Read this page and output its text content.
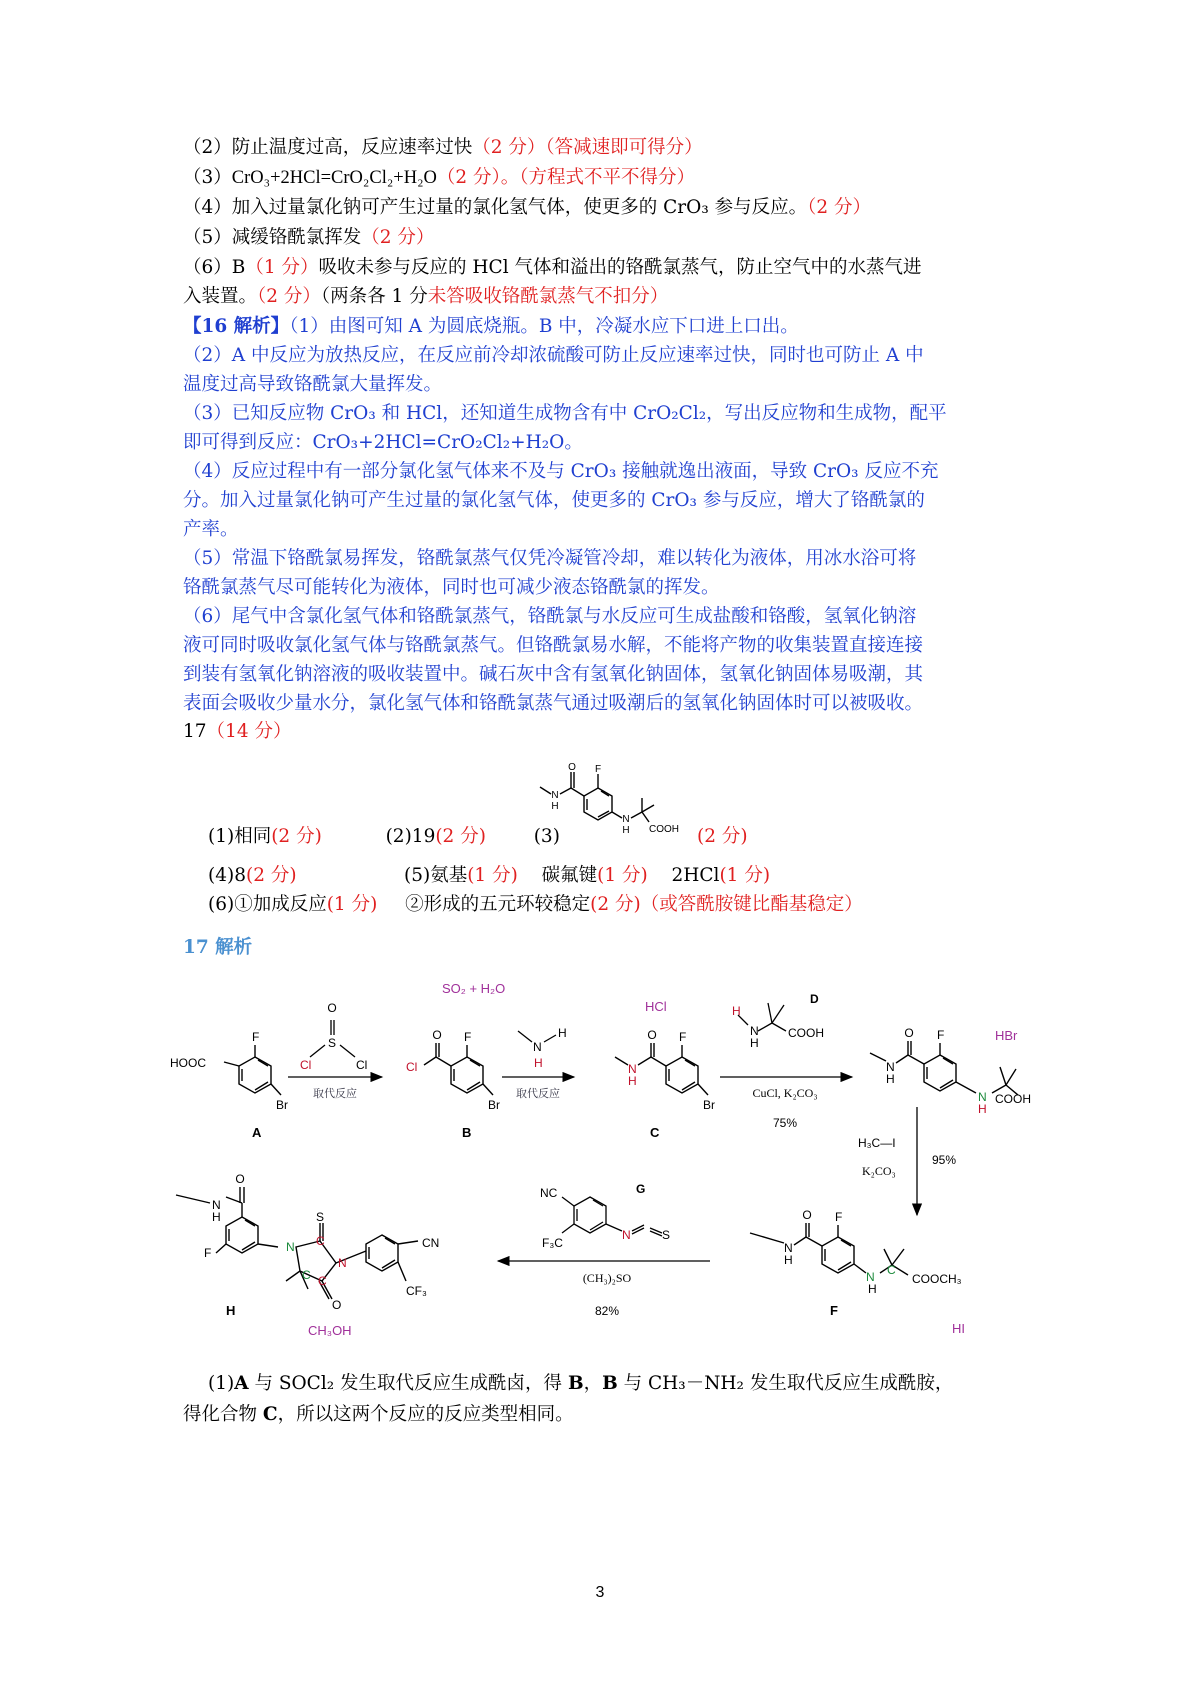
（2）防止温度过高，反应速率过快（2 分）（答减速即可得分）
（3）CrO₃+2HCl=CrO₂Cl₂+H₂O（2 分）。（方程式不平不得分）
（4）加入过量氯化钠可产生过量的氯化氢气体，使更多的 CrO₃ 参与反应。（2 分）
（5）减缓铬酰氯挥发（2 分）
（6）B（1 分）吸收未参与反应的 HCl 气体和溢出的铬酰氯蒸气，防止空气中的水蒸气进
入装置。（2 分）（两条各 1 分未答吸收铬酰氯蒸气不扣分）
【16 解析】（1）由图可知 A 为圆底烧瓶。B 中，冷凝水应下口进上口出。
（2）A 中反应为放热反应，在反应前冷却浓硫酸可防止反应速率过快，同时也可防止 A 中
温度过高导致铬酰氯大量挥发。
（3）已知反应物 CrO₃ 和 HCl，还知道生成物含有中 CrO₂Cl₂，写出反应物和生成物，配平
即可得到反应：CrO₃+2HCl=CrO₂Cl₂+H₂O。
（4）反应过程中有一部分氯化氢气体来不及与 CrO₃ 接触就逸出液面，导致 CrO₃ 反应不充
分。加入过量氯化钠可产生过量的氯化氢气体，使更多的 CrO₃ 参与反应，增大了铬酰氯的
产率。
（5）常温下铬酰氯易挥发，铬酰氯蒸气仅凭冷凝管冷却，难以转化为液体，用冰水浴可将
铬酰氯蒸气尽可能转化为液体，同时也可减少液态铬酰氯的挥发。
（6）尾气中含氯化氢气体和铬酰氯蒸气，铬酰氯与水反应可生成盐酸和铬酸，氢氧化钠溶
液可同时吸收氯化氢气体与铬酰氯蒸气。但铬酰氯易水解，不能将产物的收集装置直接连接
到装有氢氧化钠溶液的吸收装置中。碱石灰中含有氢氧化钠固体，氢氧化钠固体易吸潮，其
表面会吸收少量水分，氯化氢气体和铬酰氯蒸气通过吸潮后的氢氧化钠固体时可以被吸收。
17（14 分）
F
O
N
H
N
H COOH
(1)相同(2 分)	(2)19(2 分)	(3)	(2 分)
(4)8(2 分)	(5)氨基(1 分) 碳氟键(1 分) 2HCl(1 分)
(6)①加成反应(1 分) ②形成的五元环较稳定(2 分)（或答酰胺键比酯基稳定）
17 解析
HOOC
F
Br
A
O
S
Cl	Cl
取代反应
SO₂ + H₂O
O
Cl
F
Br
B
N
H
H
取代反应
HCl
O
N
H
F
Br
C
H
N
H
COOH
D
CuCl, K₂CO₃
75%
HBr
O
N
H
F
N
H
COOH
H₃C—I
K₂CO₃
95%
O
N
H
F
N
H
C
COOCH₃
F
HI
NC
F₃C
N	S
G
(CH₃)₂SO
82%
O
N
H
F	N
S
C
N
C C
O
CN
CF₃
H
CH₃OH
(1)A 与 SOCl₂ 发生取代反应生成酰卤，得 B，B 与 CH₃－NH₂ 发生取代反应生成酰胺，
得化合物 C，所以这两个反应的反应类型相同。
3
